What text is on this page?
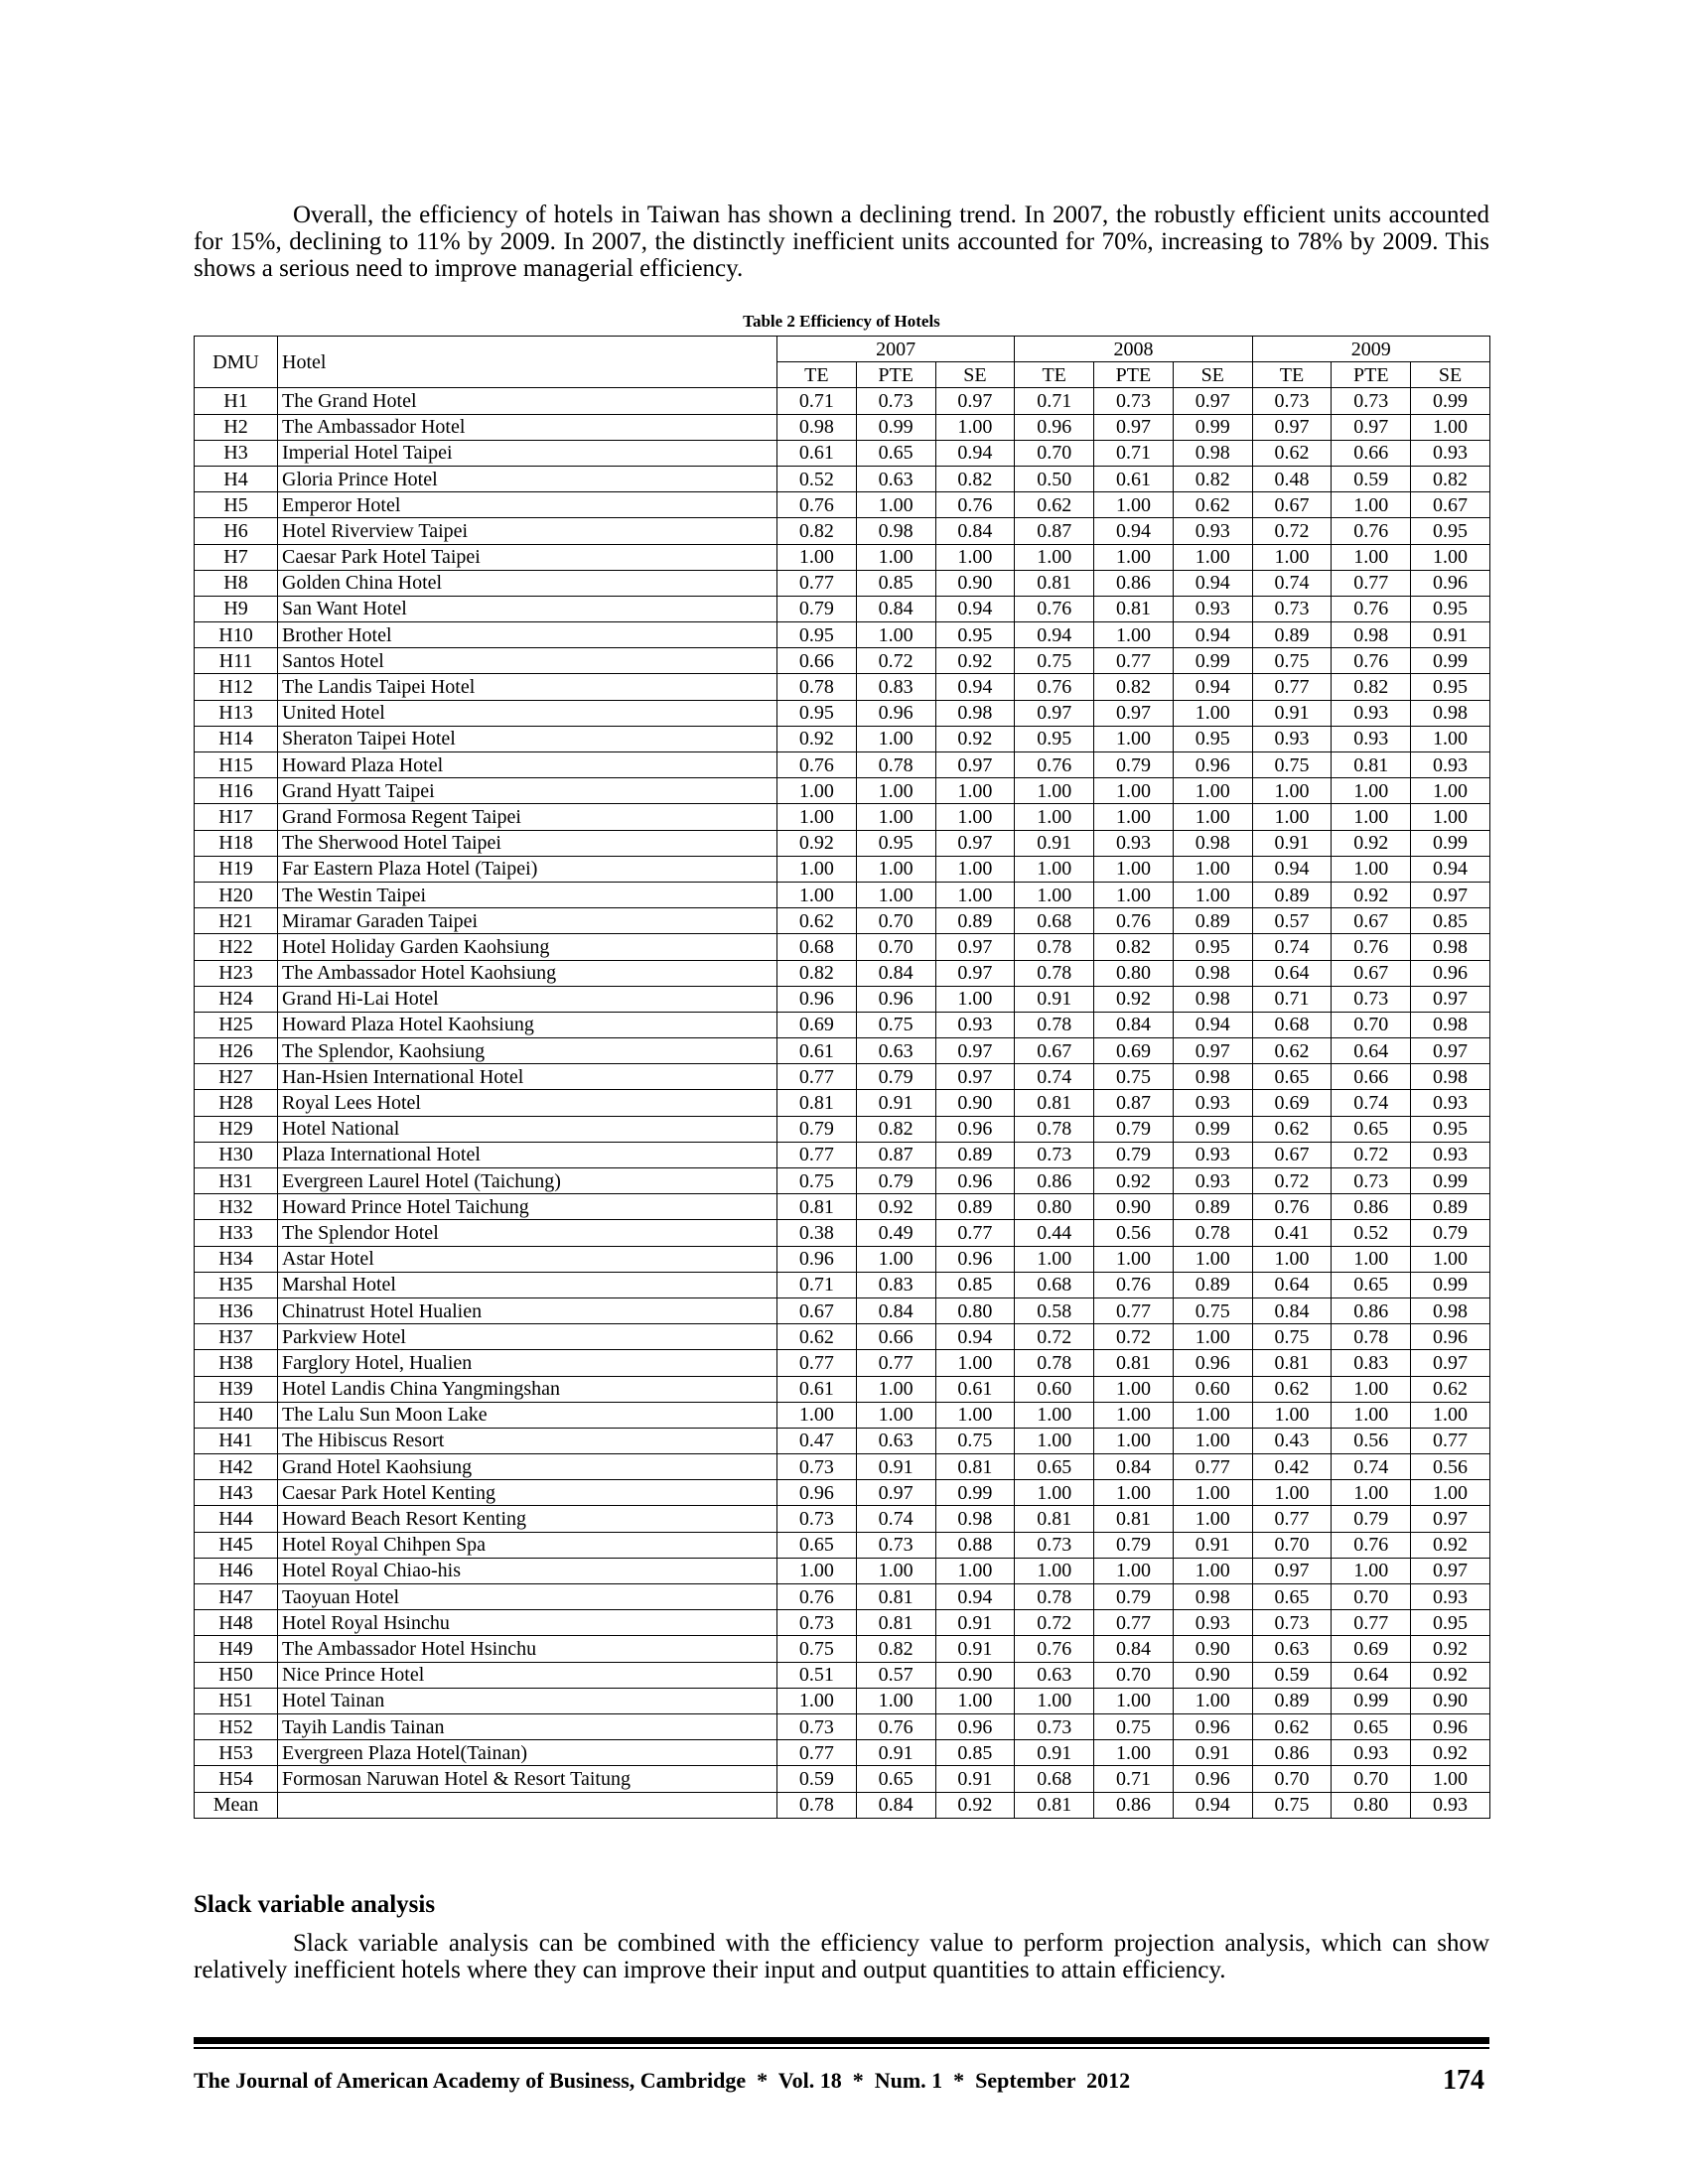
Overall, the efficiency of hotels in Taiwan has shown a declining trend. In 2007, the robustly efficient units accounted for 15%, declining to 11% by 2009. In 2007, the distinctly inefficient units accounted for 70%, increasing to 78% by 2009. This shows a serious need to improve managerial efficiency.

Table 2 Efficiency of Hotels
DMU	Hotel	2007			2008			2009		
		TE	PTE	SE	TE	PTE	SE	TE	PTE	SE
H1	The Grand Hotel	0.71	0.73	0.97	0.71	0.73	0.97	0.73	0.73	0.99
H2	The Ambassador Hotel	0.98	0.99	1.00	0.96	0.97	0.99	0.97	0.97	1.00
H3	Imperial Hotel Taipei	0.61	0.65	0.94	0.70	0.71	0.98	0.62	0.66	0.93
H4	Gloria Prince Hotel	0.52	0.63	0.82	0.50	0.61	0.82	0.48	0.59	0.82
H5	Emperor Hotel	0.76	1.00	0.76	0.62	1.00	0.62	0.67	1.00	0.67
H6	Hotel Riverview Taipei	0.82	0.98	0.84	0.87	0.94	0.93	0.72	0.76	0.95
H7	Caesar Park Hotel Taipei	1.00	1.00	1.00	1.00	1.00	1.00	1.00	1.00	1.00
H8	Golden China Hotel	0.77	0.85	0.90	0.81	0.86	0.94	0.74	0.77	0.96
H9	San Want Hotel	0.79	0.84	0.94	0.76	0.81	0.93	0.73	0.76	0.95
H10	Brother Hotel	0.95	1.00	0.95	0.94	1.00	0.94	0.89	0.98	0.91
H11	Santos Hotel	0.66	0.72	0.92	0.75	0.77	0.99	0.75	0.76	0.99
H12	The Landis Taipei Hotel	0.78	0.83	0.94	0.76	0.82	0.94	0.77	0.82	0.95
H13	United Hotel	0.95	0.96	0.98	0.97	0.97	1.00	0.91	0.93	0.98
H14	Sheraton Taipei Hotel	0.92	1.00	0.92	0.95	1.00	0.95	0.93	0.93	1.00
H15	Howard Plaza Hotel	0.76	0.78	0.97	0.76	0.79	0.96	0.75	0.81	0.93
H16	Grand Hyatt Taipei	1.00	1.00	1.00	1.00	1.00	1.00	1.00	1.00	1.00
H17	Grand Formosa Regent Taipei	1.00	1.00	1.00	1.00	1.00	1.00	1.00	1.00	1.00
H18	The Sherwood Hotel Taipei	0.92	0.95	0.97	0.91	0.93	0.98	0.91	0.92	0.99
H19	Far Eastern Plaza Hotel (Taipei)	1.00	1.00	1.00	1.00	1.00	1.00	0.94	1.00	0.94
H20	The Westin Taipei	1.00	1.00	1.00	1.00	1.00	1.00	0.89	0.92	0.97
H21	Miramar Garaden Taipei	0.62	0.70	0.89	0.68	0.76	0.89	0.57	0.67	0.85
H22	Hotel Holiday Garden Kaohsiung	0.68	0.70	0.97	0.78	0.82	0.95	0.74	0.76	0.98
H23	The Ambassador Hotel Kaohsiung	0.82	0.84	0.97	0.78	0.80	0.98	0.64	0.67	0.96
H24	Grand Hi-Lai Hotel	0.96	0.96	1.00	0.91	0.92	0.98	0.71	0.73	0.97
H25	Howard Plaza Hotel Kaohsiung	0.69	0.75	0.93	0.78	0.84	0.94	0.68	0.70	0.98
H26	The Splendor, Kaohsiung	0.61	0.63	0.97	0.67	0.69	0.97	0.62	0.64	0.97
H27	Han-Hsien International Hotel	0.77	0.79	0.97	0.74	0.75	0.98	0.65	0.66	0.98
H28	Royal Lees Hotel	0.81	0.91	0.90	0.81	0.87	0.93	0.69	0.74	0.93
H29	Hotel National	0.79	0.82	0.96	0.78	0.79	0.99	0.62	0.65	0.95
H30	Plaza International Hotel	0.77	0.87	0.89	0.73	0.79	0.93	0.67	0.72	0.93
H31	Evergreen Laurel Hotel (Taichung)	0.75	0.79	0.96	0.86	0.92	0.93	0.72	0.73	0.99
H32	Howard Prince Hotel Taichung	0.81	0.92	0.89	0.80	0.90	0.89	0.76	0.86	0.89
H33	The Splendor Hotel	0.38	0.49	0.77	0.44	0.56	0.78	0.41	0.52	0.79
H34	Astar Hotel	0.96	1.00	0.96	1.00	1.00	1.00	1.00	1.00	1.00
H35	Marshal Hotel	0.71	0.83	0.85	0.68	0.76	0.89	0.64	0.65	0.99
H36	Chinatrust Hotel Hualien	0.67	0.84	0.80	0.58	0.77	0.75	0.84	0.86	0.98
H37	Parkview Hotel	0.62	0.66	0.94	0.72	0.72	1.00	0.75	0.78	0.96
H38	Farglory Hotel, Hualien	0.77	0.77	1.00	0.78	0.81	0.96	0.81	0.83	0.97
H39	Hotel Landis China Yangmingshan	0.61	1.00	0.61	0.60	1.00	0.60	0.62	1.00	0.62
H40	The Lalu Sun Moon Lake	1.00	1.00	1.00	1.00	1.00	1.00	1.00	1.00	1.00
H41	The Hibiscus Resort	0.47	0.63	0.75	1.00	1.00	1.00	0.43	0.56	0.77
H42	Grand Hotel Kaohsiung	0.73	0.91	0.81	0.65	0.84	0.77	0.42	0.74	0.56
H43	Caesar Park Hotel Kenting	0.96	0.97	0.99	1.00	1.00	1.00	1.00	1.00	1.00
H44	Howard Beach Resort Kenting	0.73	0.74	0.98	0.81	0.81	1.00	0.77	0.79	0.97
H45	Hotel Royal Chihpen Spa	0.65	0.73	0.88	0.73	0.79	0.91	0.70	0.76	0.92
H46	Hotel Royal Chiao-his	1.00	1.00	1.00	1.00	1.00	1.00	0.97	1.00	0.97
H47	Taoyuan Hotel	0.76	0.81	0.94	0.78	0.79	0.98	0.65	0.70	0.93
H48	Hotel Royal Hsinchu	0.73	0.81	0.91	0.72	0.77	0.93	0.73	0.77	0.95
H49	The Ambassador Hotel Hsinchu	0.75	0.82	0.91	0.76	0.84	0.90	0.63	0.69	0.92
H50	Nice Prince Hotel	0.51	0.57	0.90	0.63	0.70	0.90	0.59	0.64	0.92
H51	Hotel Tainan	1.00	1.00	1.00	1.00	1.00	1.00	0.89	0.99	0.90
H52	Tayih Landis Tainan	0.73	0.76	0.96	0.73	0.75	0.96	0.62	0.65	0.96
H53	Evergreen Plaza Hotel(Tainan)	0.77	0.91	0.85	0.91	1.00	0.91	0.86	0.93	0.92
H54	Formosan Naruwan Hotel & Resort Taitung	0.59	0.65	0.91	0.68	0.71	0.96	0.70	0.70	1.00
Mean		0.78	0.84	0.92	0.81	0.86	0.94	0.75	0.80	0.93
Slack variable analysis

Slack variable analysis can be combined with the efficiency value to perform projection analysis, which can show relatively inefficient hotels where they can improve their input and output quantities to attain efficiency.

The Journal of American Academy of Business, Cambridge  *  Vol. 18  *  Num. 1  *  September  2012	174
